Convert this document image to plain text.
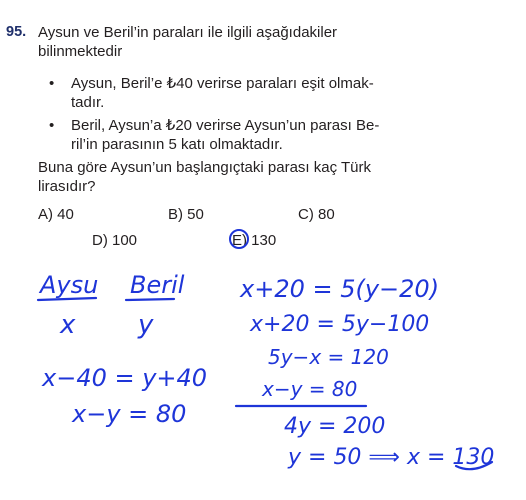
95. Aysun ve Beril’in paraları ile ilgili aşağıdakiler bilinmektedir
• Aysun, Beril’e ₺40 verirse paraları eşit olmak-
tadır.
• Beril, Aysun’a ₺20 verirse Aysun’un parası Be-
ril’in parasının 5 katı olmaktadır.
Buna göre Aysun’un başlangıçtaki parası kaç Türk
lirasıdır?
A) 40	B) 50	C) 80
D) 100	E) 130
Aysu Beril
x y
x−40 = y+40
x−y = 80
x+20 = 5(y−20)
x+20 = 5y−100
5y−x = 120
x−y = 80
4y = 200
y = 50 ⟹ x = 130
